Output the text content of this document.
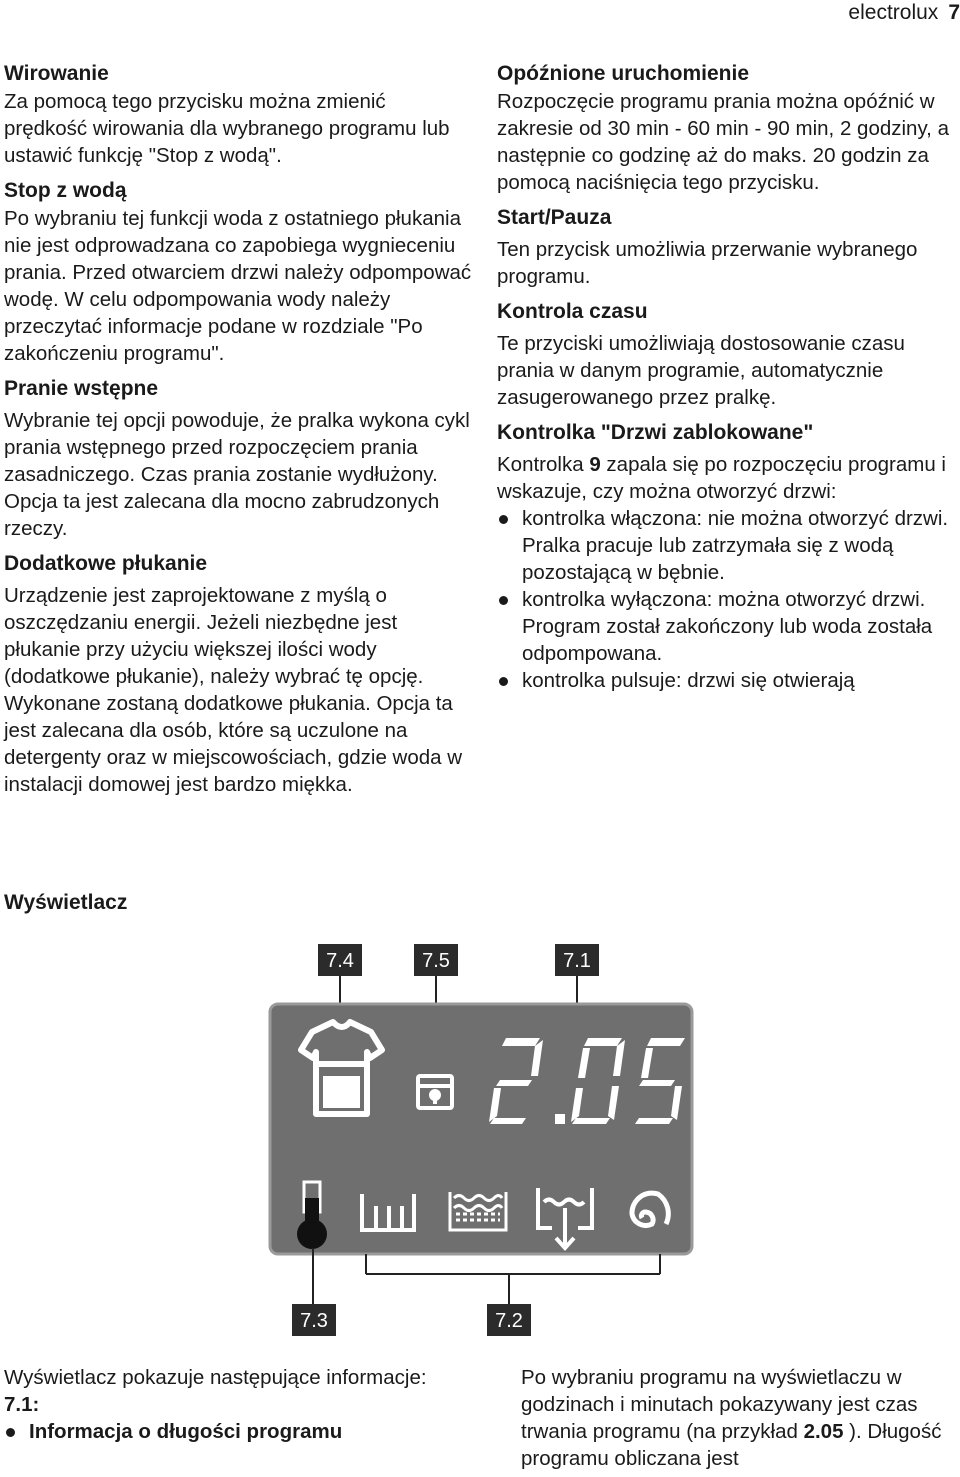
electrolux 7
Wirowanie

Za pomocą tego przycisku można zmienić prędkość wirowania dla wybranego programu lub ustawić funkcję "Stop z wodą".

Stop z wodą

Po wybraniu tej funkcji woda z ostatniego płukania nie jest odprowadzana co zapobiega wygnieceniu prania. Przed otwarciem drzwi należy odpompować wodę. W celu odpompowania wody należy przeczytać informacje podane w rozdziale "Po zakończeniu programu".

Pranie wstępne

Wybranie tej opcji powoduje, że pralka wykona cykl prania wstępnego przed rozpoczęciem prania zasadniczego. Czas prania zostanie wydłużony. Opcja ta jest zalecana dla mocno zabrudzonych rzeczy.

Dodatkowe płukanie

Urządzenie jest zaprojektowane z myślą o oszczędzaniu energii. Jeżeli niezbędne jest płukanie przy użyciu większej ilości wody (dodatkowe płukanie), należy wybrać tę opcję. Wykonane zostaną dodatkowe płukania. Opcja ta jest zalecana dla osób, które są uczulone na detergenty oraz w miejscowościach, gdzie woda w instalacji domowej jest bardzo miękka.

Opóźnione uruchomienie

Rozpoczęcie programu prania można opóźnić w zakresie od 30 min - 60 min - 90 min, 2 godziny, a następnie co godzinę aż do maks. 20 godzin za pomocą naciśnięcia tego przycisku.

Start/Pauza

Ten przycisk umożliwia przerwanie wybranego programu.

Kontrola czasu

Te przyciski umożliwiają dostosowanie czasu prania w danym programie, automatycznie zasugerowanego przez pralkę.

Kontrolka "Drzwi zablokowane"

Kontrolka 9 zapala się po rozpoczęciu programu i wskazuje, czy można otworzyć drzwi:

kontrolka włączona: nie można otworzyć drzwi. Pralka pracuje lub zatrzymała się z wodą pozostającą w bębnie.
kontrolka wyłączona: można otworzyć drzwi. Program został zakończony lub woda została odpompowana.
kontrolka pulsuje: drzwi się otwierają
Wyświetlacz
7.4	7.5	7.1
7.3	7.2

Wyświetlacz pokazuje następujące informacje:

7.1:

Informacja o długości programu

Po wybraniu programu na wyświetlaczu w godzinach i minutach pokazywany jest czas trwania programu (na przykład 2.05 ). Długość programu obliczana jest
